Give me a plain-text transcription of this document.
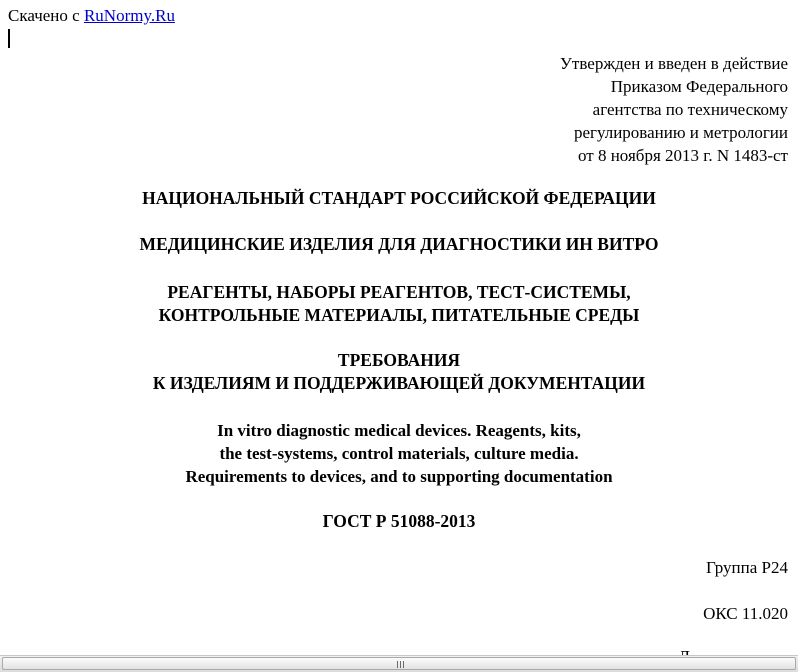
Скачено с RuNormy.Ru
Утвержден и введен в действие
Приказом Федерального
агентства по техническому
регулированию и метрологии
от 8 ноября 2013 г. N 1483-ст
НАЦИОНАЛЬНЫЙ СТАНДАРТ РОССИЙСКОЙ ФЕДЕРАЦИИ
МЕДИЦИНСКИЕ ИЗДЕЛИЯ ДЛЯ ДИАГНОСТИКИ ИН ВИТРО
РЕАГЕНТЫ, НАБОРЫ РЕАГЕНТОВ, ТЕСТ-СИСТЕМЫ,
КОНТРОЛЬНЫЕ МАТЕРИАЛЫ, ПИТАТЕЛЬНЫЕ СРЕДЫ
ТРЕБОВАНИЯ
К ИЗДЕЛИЯМ И ПОДДЕРЖИВАЮЩЕЙ ДОКУМЕНТАЦИИ
In vitro diagnostic medical devices. Reagents, kits,
the test-systems, control materials, culture media.
Requirements to devices, and to supporting documentation
ГОСТ Р 51088-2013
Группа Р24
ОКС 11.020
